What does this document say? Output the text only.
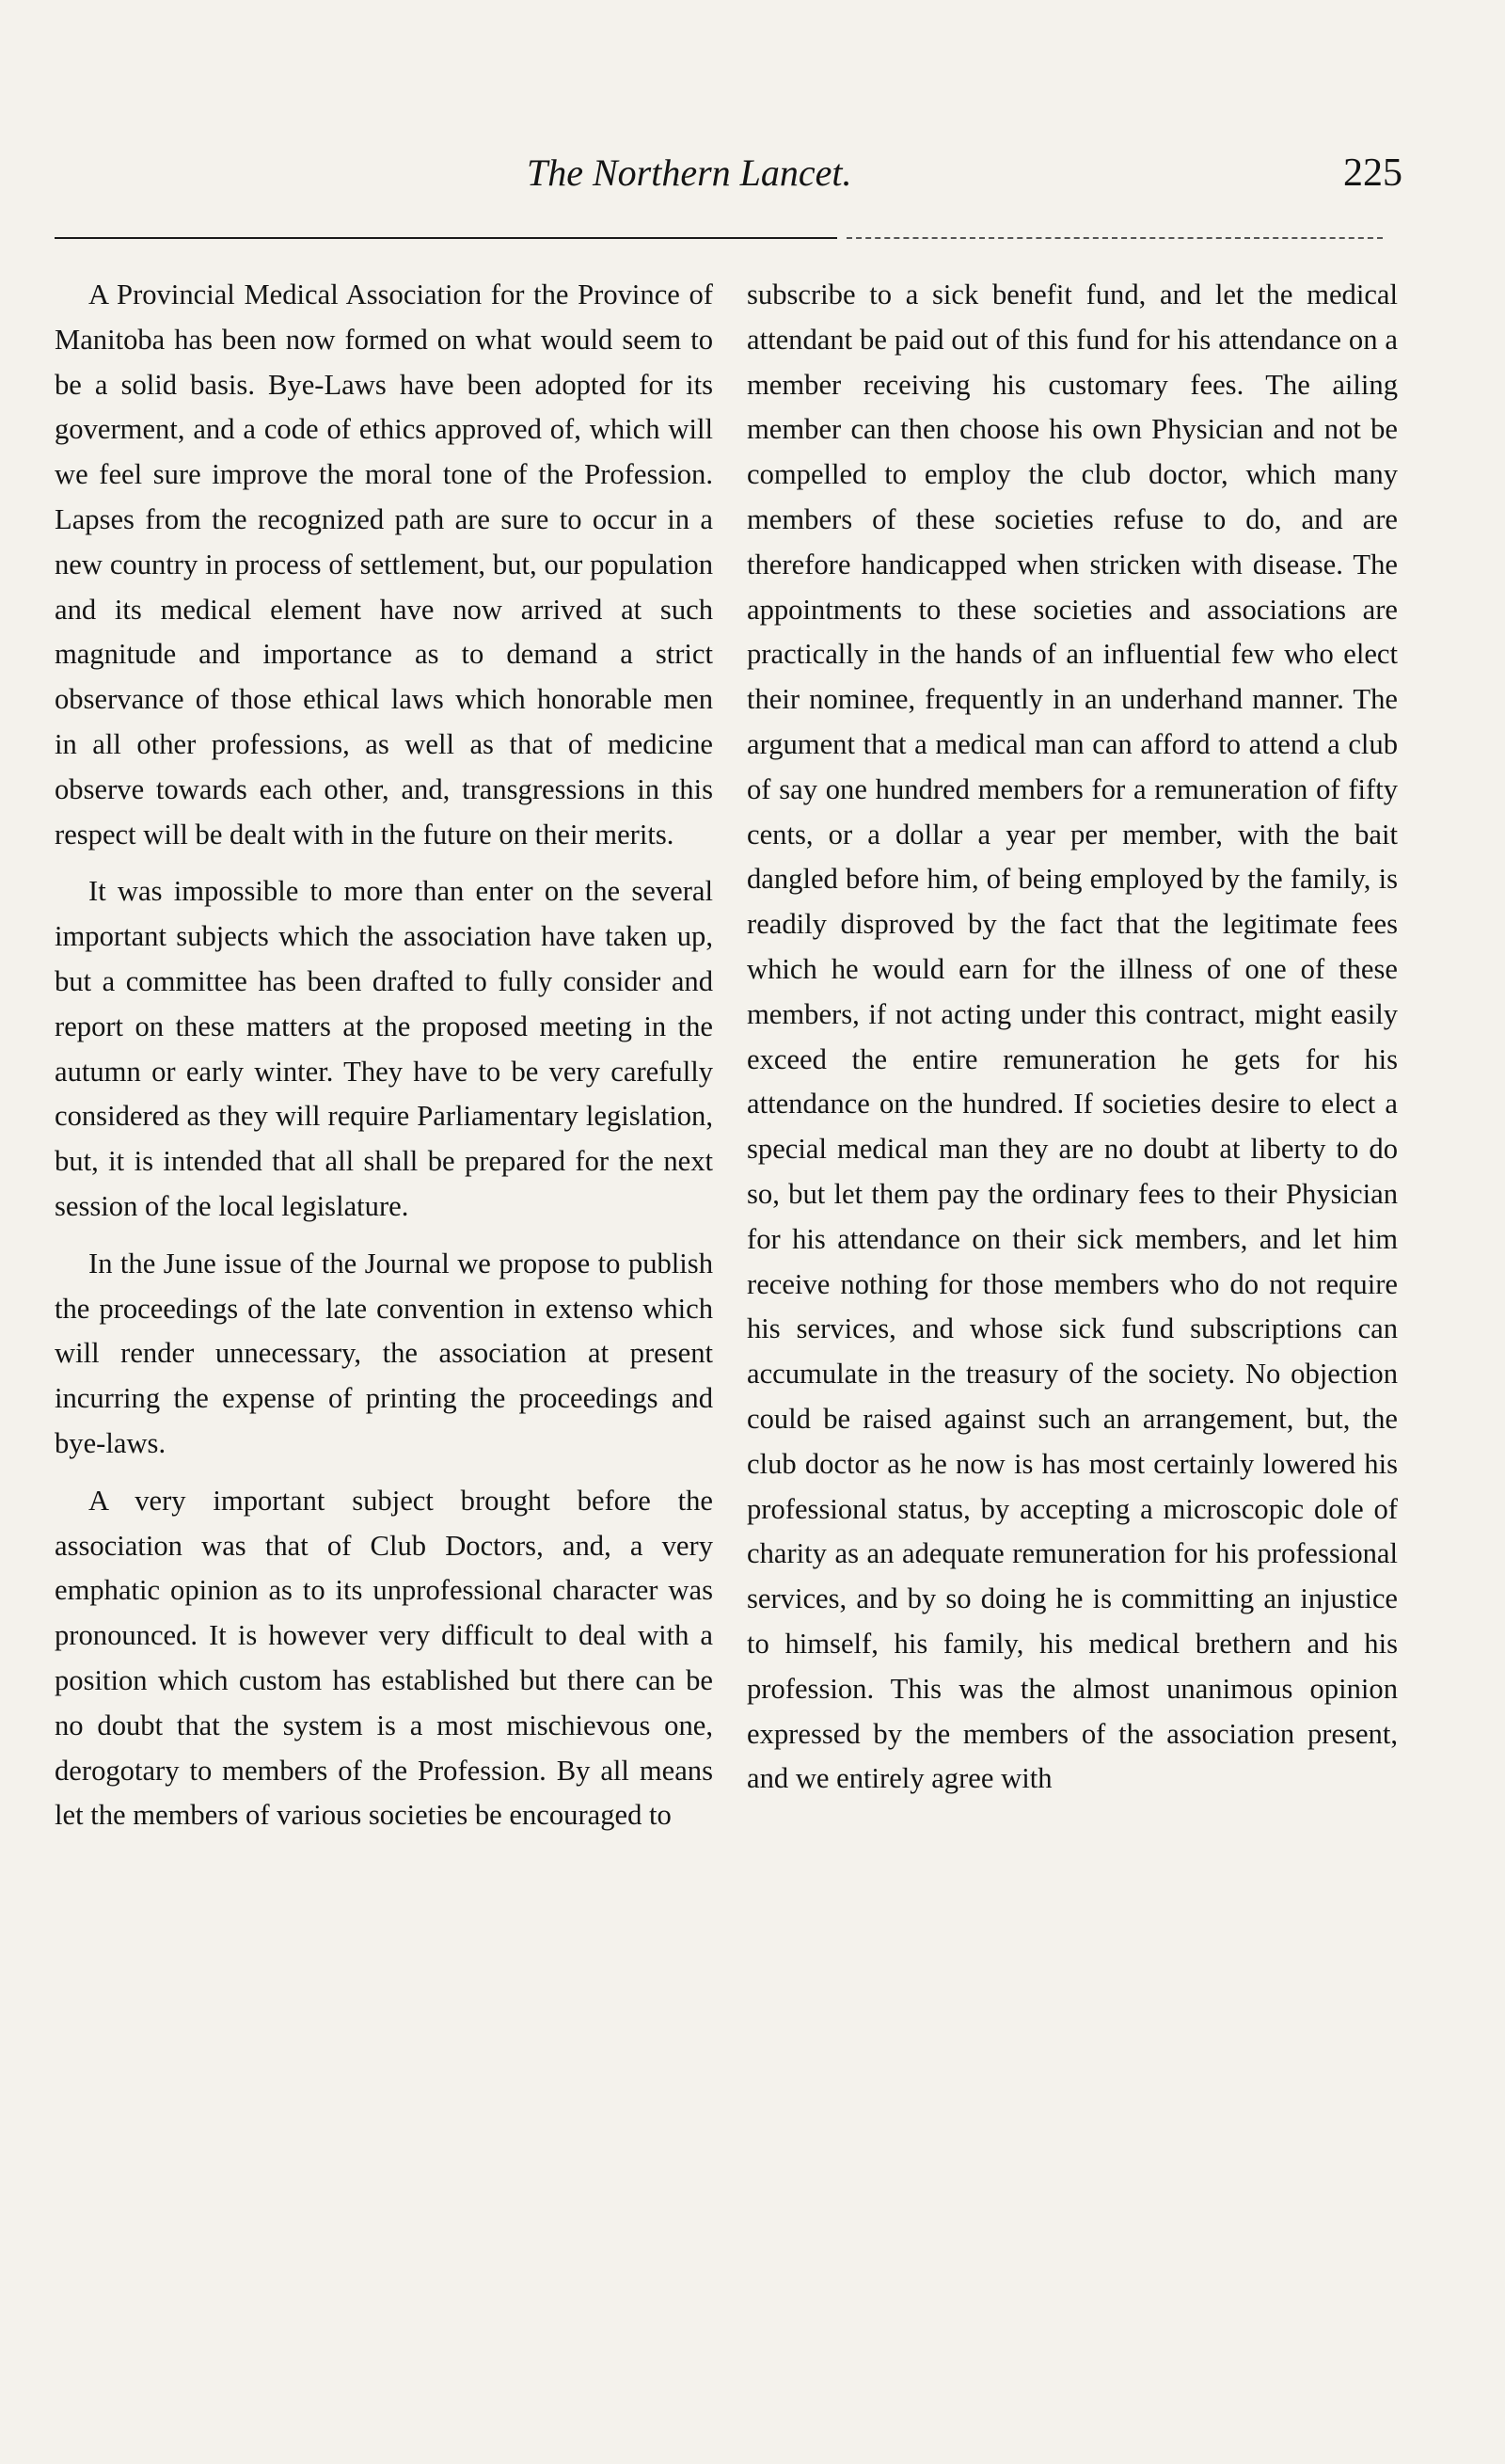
The Northern Lancet.	225

A Provincial Medical Association for the Province of Manitoba has been now formed on what would seem to be a solid basis. Bye-Laws have been adopted for its goverment, and a code of ethics approved of, which will we feel sure improve the moral tone of the Profession. Lapses from the recognized path are sure to occur in a new country in process of settlement, but, our population and its medical element have now arrived at such magnitude and importance as to demand a strict observance of those ethical laws which honorable men in all other professions, as well as that of medicine observe towards each other, and, transgressions in this respect will be dealt with in the future on their merits.

It was impossible to more than enter on the several important subjects which the association have taken up, but a committee has been drafted to fully consider and report on these matters at the proposed meeting in the autumn or early winter. They have to be very carefully considered as they will require Parliamentary legislation, but, it is intended that all shall be prepared for the next session of the local legislature.

In the June issue of the Journal we propose to publish the proceedings of the late convention in extenso which will render unnecessary, the association at present incurring the expense of printing the proceedings and bye-laws.

A very important subject brought before the association was that of Club Doctors, and, a very emphatic opinion as to its unprofessional character was pronounced. It is however very difficult to deal with a position which custom has established but there can be no doubt that the system is a most mischievous one, derogotary to members of the Profession. By all means let the members of various societies be encouraged to

subscribe to a sick benefit fund, and let the medical attendant be paid out of this fund for his attendance on a member receiving his customary fees. The ailing member can then choose his own Physician and not be compelled to employ the club doctor, which many members of these societies refuse to do, and are therefore handicapped when stricken with disease. The appointments to these societies and associations are practically in the hands of an influential few who elect their nominee, frequently in an underhand manner. The argument that a medical man can afford to attend a club of say one hundred members for a remuneration of fifty cents, or a dollar a year per member, with the bait dangled before him, of being employed by the family, is readily disproved by the fact that the legitimate fees which he would earn for the illness of one of these members, if not acting under this contract, might easily exceed the entire remuneration he gets for his attendance on the hundred. If societies desire to elect a special medical man they are no doubt at liberty to do so, but let them pay the ordinary fees to their Physician for his attendance on their sick members, and let him receive nothing for those members who do not require his services, and whose sick fund subscriptions can accumulate in the treasury of the society. No objection could be raised against such an arrangement, but, the club doctor as he now is has most certainly lowered his professional status, by accepting a microscopic dole of charity as an adequate remuneration for his professional services, and by so doing he is committing an injustice to himself, his family, his medical brethern and his profession. This was the almost unanimous opinion expressed by the members of the association present, and we entirely agree with
